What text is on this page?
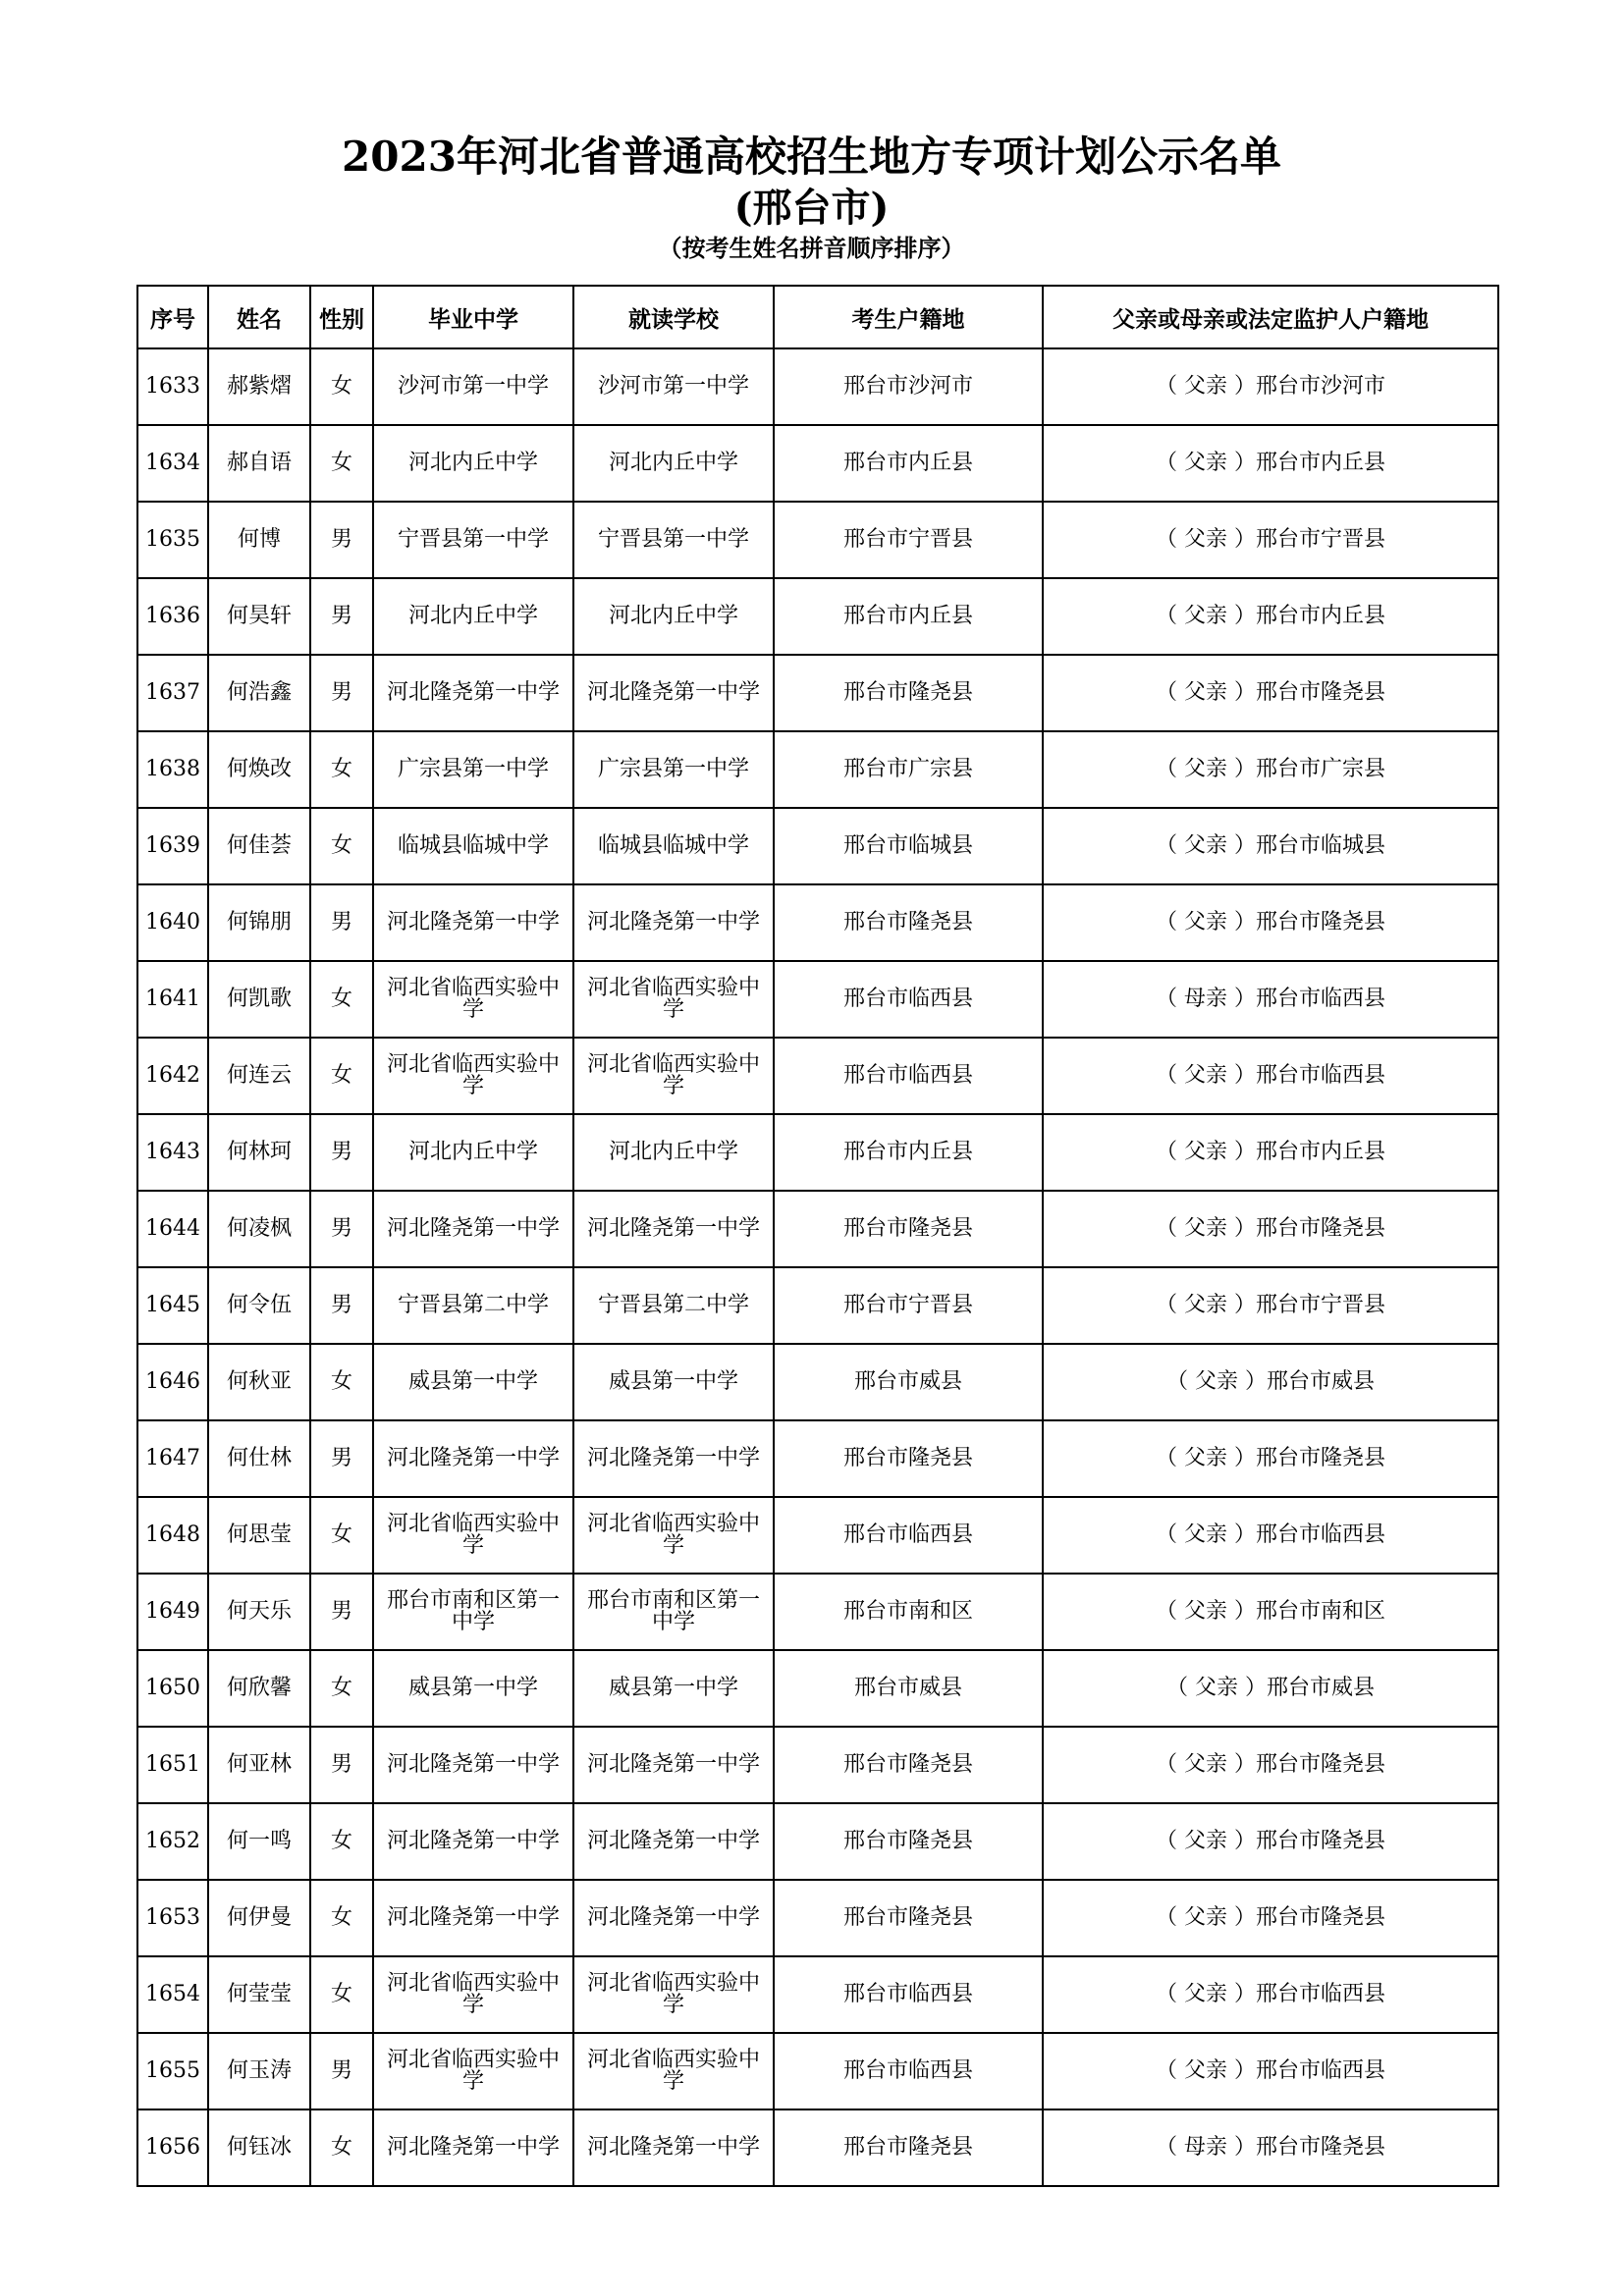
2023年河北省普通高校招生地方专项计划公示名单
(邢台市)
（按考生姓名拼音顺序排序）
序号	姓名	性别	毕业中学	就读学校	考生户籍地	父亲或母亲或法定监护人户籍地
1633	郝紫熠	女	沙河市第一中学	沙河市第一中学	邢台市沙河市	（ 父亲 ）邢台市沙河市
1634	郝自语	女	河北内丘中学	河北内丘中学	邢台市内丘县	（ 父亲 ）邢台市内丘县
1635	何博	男	宁晋县第一中学	宁晋县第一中学	邢台市宁晋县	（ 父亲 ）邢台市宁晋县
1636	何昊轩	男	河北内丘中学	河北内丘中学	邢台市内丘县	（ 父亲 ）邢台市内丘县
1637	何浩鑫	男	河北隆尧第一中学	河北隆尧第一中学	邢台市隆尧县	（ 父亲 ）邢台市隆尧县
1638	何焕改	女	广宗县第一中学	广宗县第一中学	邢台市广宗县	（ 父亲 ）邢台市广宗县
1639	何佳荟	女	临城县临城中学	临城县临城中学	邢台市临城县	（ 父亲 ）邢台市临城县
1640	何锦朋	男	河北隆尧第一中学	河北隆尧第一中学	邢台市隆尧县	（ 父亲 ）邢台市隆尧县
1641	何凯歌	女	河北省临西实验中学	河北省临西实验中学	邢台市临西县	（ 母亲 ）邢台市临西县
1642	何连云	女	河北省临西实验中学	河北省临西实验中学	邢台市临西县	（ 父亲 ）邢台市临西县
1643	何林珂	男	河北内丘中学	河北内丘中学	邢台市内丘县	（ 父亲 ）邢台市内丘县
1644	何凌枫	男	河北隆尧第一中学	河北隆尧第一中学	邢台市隆尧县	（ 父亲 ）邢台市隆尧县
1645	何令伍	男	宁晋县第二中学	宁晋县第二中学	邢台市宁晋县	（ 父亲 ）邢台市宁晋县
1646	何秋亚	女	威县第一中学	威县第一中学	邢台市威县	（ 父亲 ）邢台市威县
1647	何仕林	男	河北隆尧第一中学	河北隆尧第一中学	邢台市隆尧县	（ 父亲 ）邢台市隆尧县
1648	何思莹	女	河北省临西实验中学	河北省临西实验中学	邢台市临西县	（ 父亲 ）邢台市临西县
1649	何天乐	男	邢台市南和区第一中学	邢台市南和区第一中学	邢台市南和区	（ 父亲 ）邢台市南和区
1650	何欣馨	女	威县第一中学	威县第一中学	邢台市威县	（ 父亲 ）邢台市威县
1651	何亚林	男	河北隆尧第一中学	河北隆尧第一中学	邢台市隆尧县	（ 父亲 ）邢台市隆尧县
1652	何一鸣	女	河北隆尧第一中学	河北隆尧第一中学	邢台市隆尧县	（ 父亲 ）邢台市隆尧县
1653	何伊曼	女	河北隆尧第一中学	河北隆尧第一中学	邢台市隆尧县	（ 父亲 ）邢台市隆尧县
1654	何莹莹	女	河北省临西实验中学	河北省临西实验中学	邢台市临西县	（ 父亲 ）邢台市临西县
1655	何玉涛	男	河北省临西实验中学	河北省临西实验中学	邢台市临西县	（ 父亲 ）邢台市临西县
1656	何钰冰	女	河北隆尧第一中学	河北隆尧第一中学	邢台市隆尧县	（ 母亲 ）邢台市隆尧县
